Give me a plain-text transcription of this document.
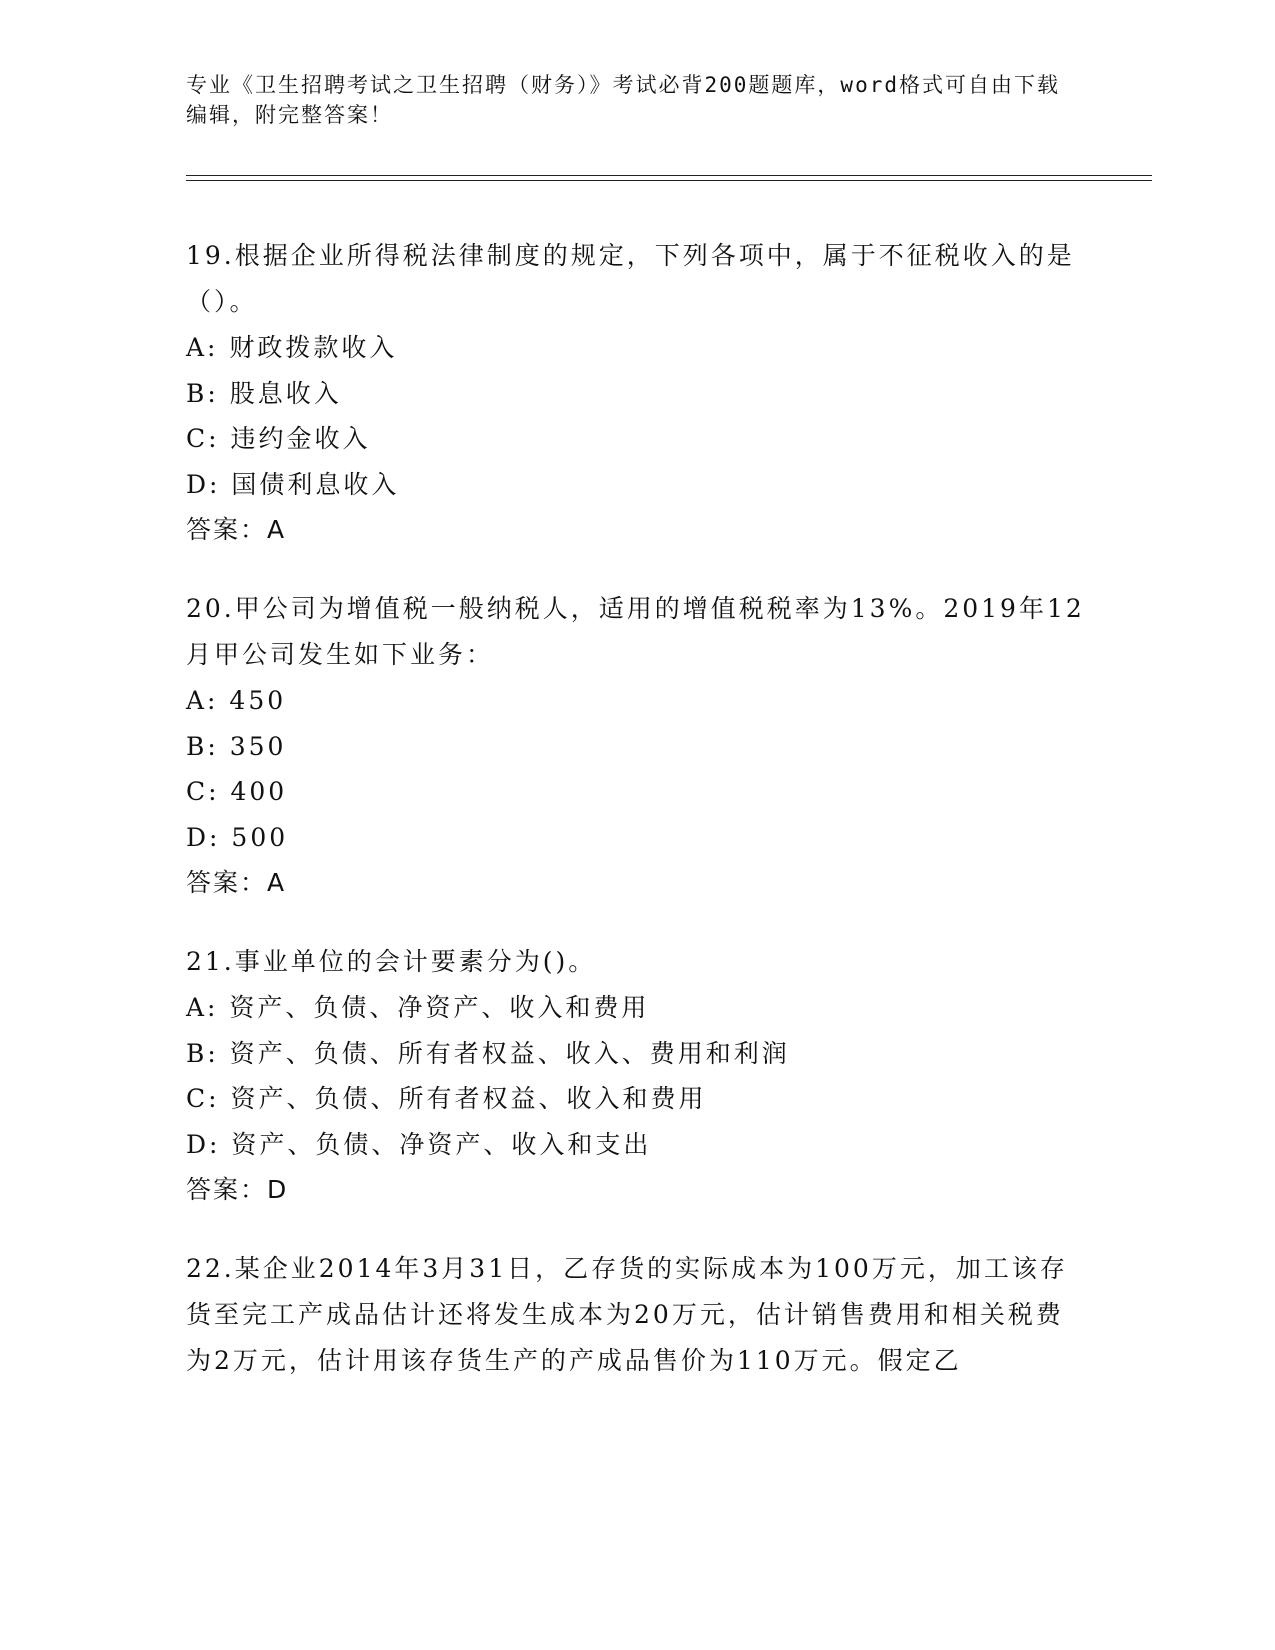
专业《卫生招聘考试之卫生招聘（财务）》考试必背200题题库，word格式可自由下载编辑，附完整答案！

19.根据企业所得税法律制度的规定，下列各项中，属于不征税收入的是（）。

A: 财政拨款收入

B: 股息收入

C: 违约金收入

D: 国债利息收入

答案：A

20.甲公司为增值税一般纳税人，适用的增值税税率为13%。2019年12月甲公司发生如下业务：

A: 450

B: 350

C: 400

D: 500

答案：A

21.事业单位的会计要素分为()。

A: 资产、负债、净资产、收入和费用

B: 资产、负债、所有者权益、收入、费用和利润

C: 资产、负债、所有者权益、收入和费用

D: 资产、负债、净资产、收入和支出

答案：D

22.某企业2014年3月31日，乙存货的实际成本为100万元，加工该存货至完工产成品估计还将发生成本为20万元，估计销售费用和相关税费为2万元，估计用该存货生产的产成品售价为110万元。假定乙
